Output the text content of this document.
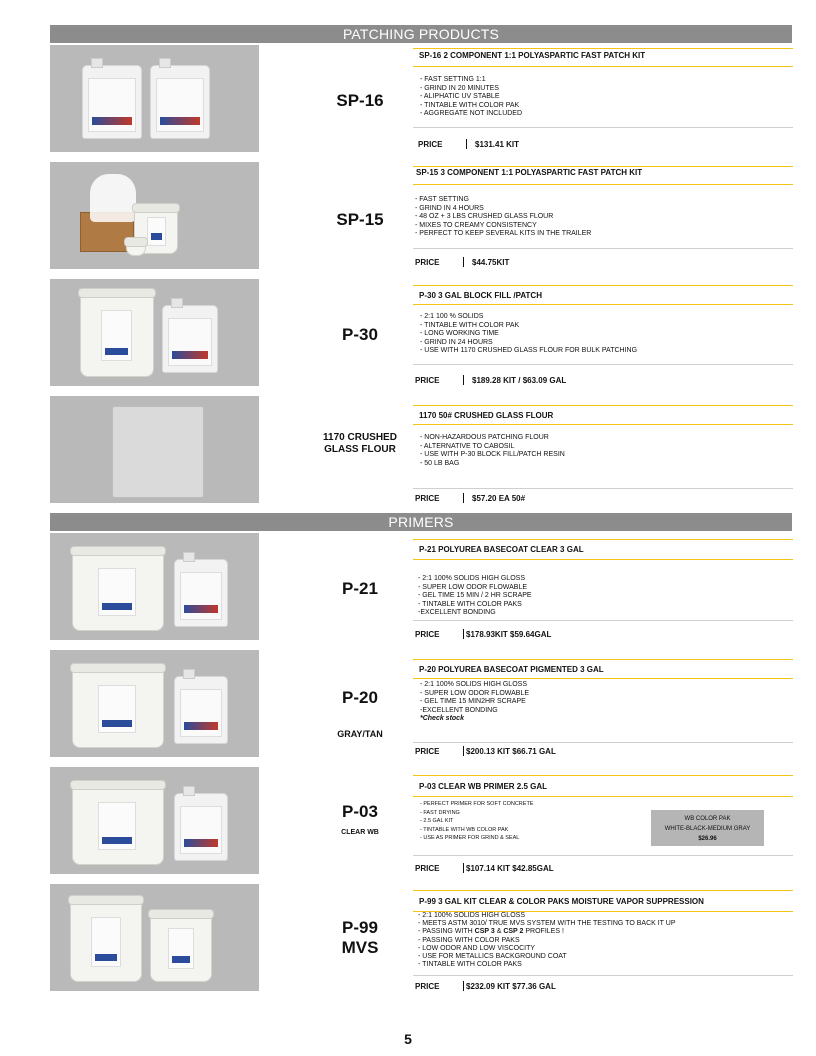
PATCHING PRODUCTS
SP-16
SP-16 2 COMPONENT 1:1 POLYASPARTIC FAST PATCH KIT
- FAST SETTING 1:1
- GRIND IN 20 MINUTES
- ALIPHATIC UV STABLE
- TINTABLE WITH COLOR PAK
- AGGREGATE NOT INCLUDED
PRICE	$131.41 KIT
SP-15
SP-15 3 COMPONENT 1:1 POLYASPARTIC FAST PATCH KIT
- FAST SETTING
- GRIND IN 4 HOURS
- 48 OZ + 3 LBS CRUSHED GLASS FLOUR
- MIXES TO CREAMY CONSISTENCY
- PERFECT TO KEEP SEVERAL KITS IN THE TRAILER
PRICE	$44.75KIT
P-30
P-30 3 GAL BLOCK FILL /PATCH
- 2:1 100 % SOLIDS
- TINTABLE WITH COLOR PAK
- LONG WORKING TIME
- GRIND IN 24 HOURS
- USE WITH 1170 CRUSHED GLASS FLOUR FOR BULK PATCHING
PRICE	$189.28 KIT / $63.09 GAL
1170 CRUSHED
GLASS FLOUR
1170 50# CRUSHED GLASS FLOUR
- NON-HAZARDOUS PATCHING FLOUR
- ALTERNATIVE TO CABOSIL
- USE WITH P-30 BLOCK FILL/PATCH RESIN
- 50 LB BAG
PRICE	$57.20 EA 50#
PRIMERS
P-21
P-21 POLYUREA BASECOAT CLEAR 3 GAL
- 2:1 100% SOLIDS HIGH GLOSS
- SUPER LOW ODOR FLOWABLE
- GEL TIME 15 MIN / 2 HR SCRAPE
- TINTABLE WITH COLOR PAKS
-EXCELLENT BONDING
PRICE	$178.93KIT $59.64GAL
P-20
GRAY/TAN
P-20 POLYUREA BASECOAT PIGMENTED 3 GAL
- 2:1 100% SOLIDS HIGH GLOSS
- SUPER LOW ODOR FLOWABLE
- GEL TIME 15 MIN2HR SCRAPE
-EXCELLENT BONDING
*Check stock
PRICE	$200.13 KIT $66.71 GAL
P-03
CLEAR WB
P-03 CLEAR WB PRIMER 2.5 GAL
- PERFECT PRIMER FOR SOFT CONCRETE
- FAST DRYING
- 2.5 GAL KIT
- TINTABLE WITH WB COLOR PAK
- USE AS PRIMER FOR GRIND & SEAL
PRICE	$107.14 KIT $42.85GAL
WB COLOR PAK
WHITE-BLACK-MEDIUM GRAY
$26.96
P-99
MVS
P-99 3 GAL KIT CLEAR & COLOR PAKS MOISTURE VAPOR SUPPRESSION
- 2:1 100% SOLIDS HIGH GLOSS
- MEETS ASTM 3010/ TRUE MVS SYSTEM WITH THE TESTING TO BACK IT UP
- PASSING WITH CSP 3 & CSP 2 PROFILES !
- PASSING WITH COLOR PAKS
- LOW ODOR AND LOW VISCOCITY
- USE FOR METALLICS BACKGROUND COAT
- TINTABLE WITH COLOR PAKS
PRICE	$232.09 KIT $77.36 GAL
5
